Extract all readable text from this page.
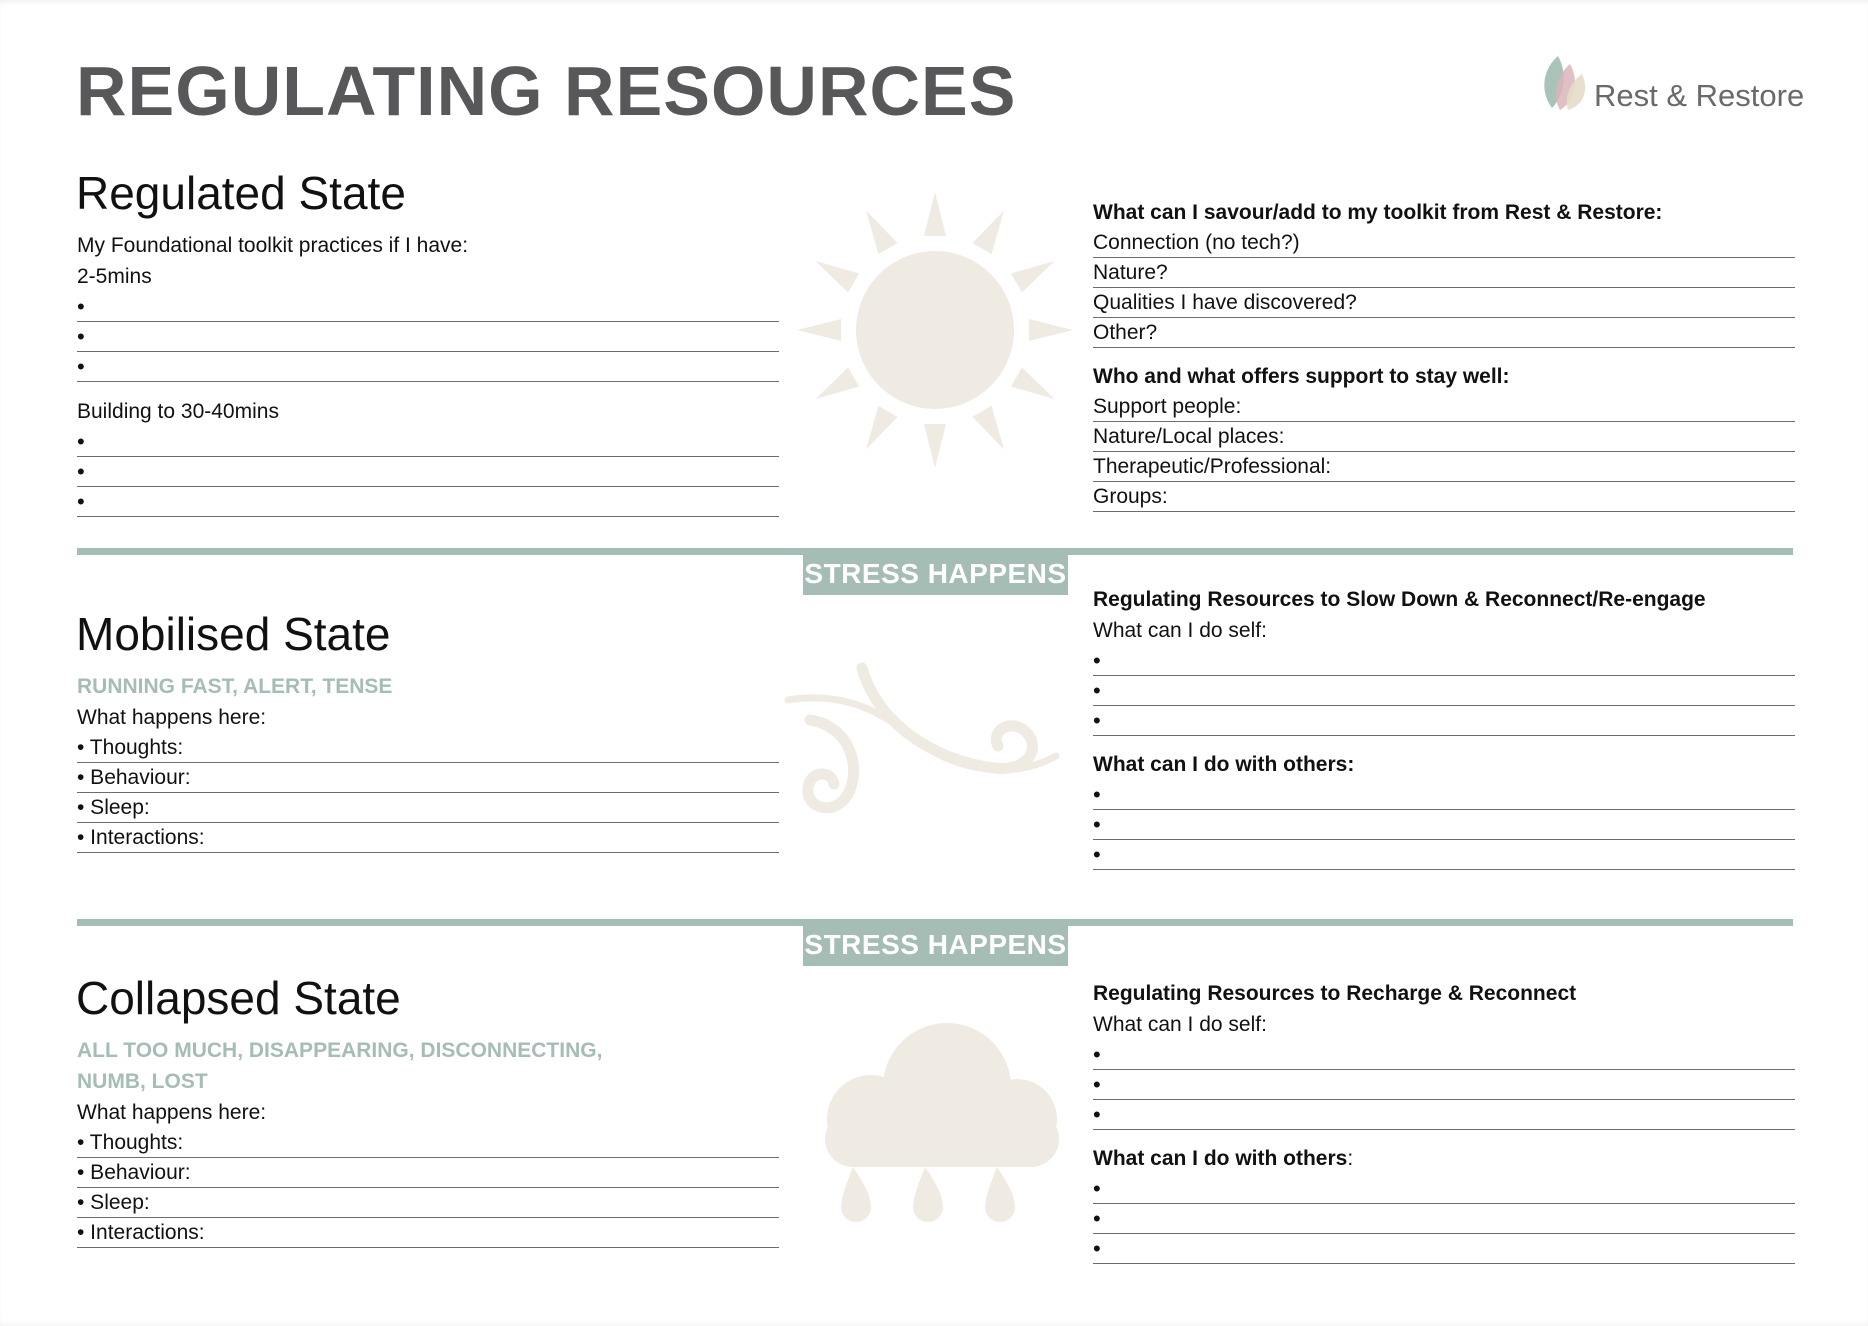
REGULATING RESOURCES	Rest & Restore
Regulated State
My Foundational toolkit practices if I have:
2-5mins
•
•
•
Building to 30-40mins
•
•
•
What can I savour/add to my toolkit from Rest & Restore:
Connection (no tech?)
Nature?
Qualities I have discovered?
Other?
Who and what offers support to stay well:
Support people:
Nature/Local places:
Therapeutic/Professional:
Groups:
STRESS HAPPENS
Mobilised State
RUNNING FAST, ALERT, TENSE
What happens here:
• Thoughts:
• Behaviour:
• Sleep:
• Interactions:
Regulating Resources to Slow Down & Reconnect/Re-engage
What can I do self:
•
•
•
What can I do with others:
•
•
•
STRESS HAPPENS
Collapsed State
ALL TOO MUCH, DISAPPEARING, DISCONNECTING,
NUMB, LOST
What happens here:
• Thoughts:
• Behaviour:
• Sleep:
• Interactions:
Regulating Resources to Recharge & Reconnect
What can I do self:
•
•
•
What can I do with others:
•
•
•
